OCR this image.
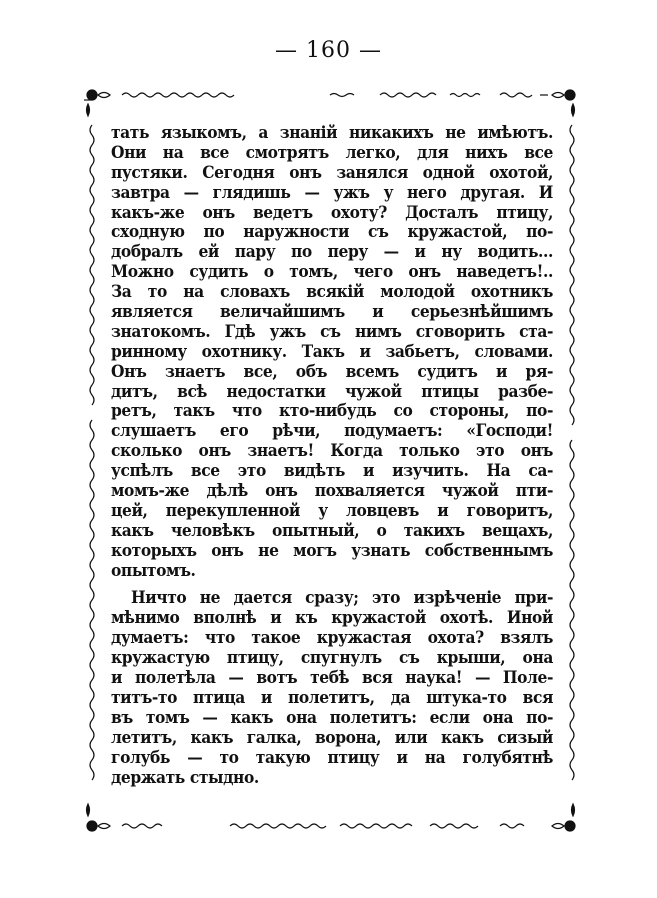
— 160 —
тать языкомъ, а знаній никакихъ не имѣютъ.
Они на все смотрятъ легко, для нихъ все
пустяки. Сегодня онъ занялся одной охотой,
завтра — глядишь — ужъ у него другая. И
какъ-же онъ ведетъ охоту? Досталъ птицу,
сходную по наружности съ кружастой, по-
добралъ ей пару по перу — и ну водить...
Можно судить о томъ, чего онъ наведетъ!..
За то на словахъ всякій молодой охотникъ
является величайшимъ и серьезнѣйшимъ
знатокомъ. Гдѣ ужъ съ нимъ сговорить ста-
ринному охотнику. Такъ и забьетъ, словами.
Онъ знаетъ все, объ всемъ судитъ и ря-
дитъ, всѣ недостатки чужой птицы разбе-
ретъ, такъ что кто-нибудь со стороны, по-
слушаетъ его рѣчи, подумаетъ: «Господи!
сколько онъ знаетъ! Когда только это онъ
успѣлъ все это видѣть и изучить. На са-
момъ-же дѣлѣ онъ похваляется чужой пти-
цей, перекупленной у ловцевъ и говоритъ,
какъ человѣкъ опытный, о такихъ вещахъ,
которыхъ онъ не могъ узнать собственнымъ
опытомъ.
Ничто не дается сразу; это изрѣченіе при-
мѣнимо вполнѣ и къ кружастой охотѣ. Иной
думаетъ: что такое кружастая охота? взялъ
кружастую птицу, спугнулъ съ крыши, она
и полетѣла — вотъ тебѣ вся наука! — Поле-
титъ-то птица и полетитъ, да штука-то вся
въ томъ — какъ она полетитъ: если она по-
летитъ, какъ галка, ворона, или какъ сизый
голубь — то такую птицу и на голубятнѣ
держать стыдно.
